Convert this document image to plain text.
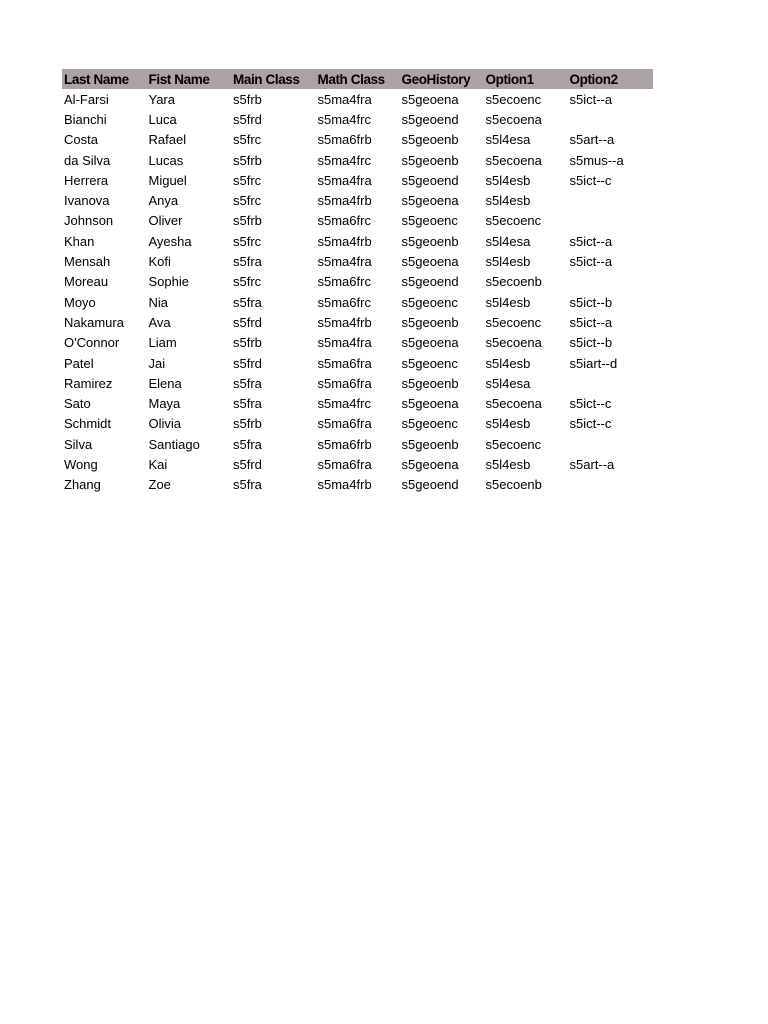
Last Name	Fist Name	Main Class	Math Class	GeoHistory	Option1	Option2
Al-Farsi	Yara	s5frb	s5ma4fra	s5geoena	s5ecoenc	s5ict--a
Bianchi	Luca	s5frd	s5ma4frc	s5geoend	s5ecoena
Costa	Rafael	s5frc	s5ma6frb	s5geoenb	s5l4esa	s5art--a
da Silva	Lucas	s5frb	s5ma4frc	s5geoenb	s5ecoena	s5mus--a
Herrera	Miguel	s5frc	s5ma4fra	s5geoend	s5l4esb	s5ict--c
Ivanova	Anya	s5frc	s5ma4frb	s5geoena	s5l4esb
Johnson	Oliver	s5frb	s5ma6frc	s5geoenc	s5ecoenc
Khan	Ayesha	s5frc	s5ma4frb	s5geoenb	s5l4esa	s5ict--a
Mensah	Kofi	s5fra	s5ma4fra	s5geoena	s5l4esb	s5ict--a
Moreau	Sophie	s5frc	s5ma6frc	s5geoend	s5ecoenb
Moyo	Nia	s5fra	s5ma6frc	s5geoenc	s5l4esb	s5ict--b
Nakamura	Ava	s5frd	s5ma4frb	s5geoenb	s5ecoenc	s5ict--a
O'Connor	Liam	s5frb	s5ma4fra	s5geoena	s5ecoena	s5ict--b
Patel	Jai	s5frd	s5ma6fra	s5geoenc	s5l4esb	s5iart--d
Ramirez	Elena	s5fra	s5ma6fra	s5geoenb	s5l4esa
Sato	Maya	s5fra	s5ma4frc	s5geoena	s5ecoena	s5ict--c
Schmidt	Olivia	s5frb	s5ma6fra	s5geoenc	s5l4esb	s5ict--c
Silva	Santiago	s5fra	s5ma6frb	s5geoenb	s5ecoenc
Wong	Kai	s5frd	s5ma6fra	s5geoena	s5l4esb	s5art--a
Zhang	Zoe	s5fra	s5ma4frb	s5geoend	s5ecoenb
